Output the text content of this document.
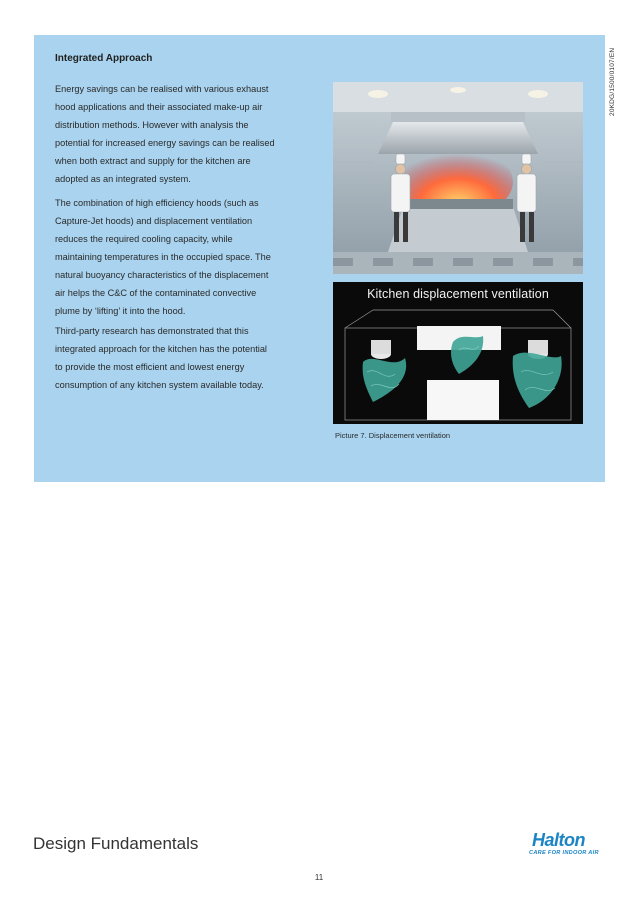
20KDG/1500/0107/EN
Integrated Approach

Energy savings can be realised with various exhaust

hood applications and their associated make-up air

distribution methods. However with analysis the

potential for increased energy savings can be realised

when both extract and supply for the kitchen are

adopted as an integrated system.

The combination of high efficiency hoods (such as

Capture-Jet hoods) and displacement ventilation

reduces the required cooling capacity, while

maintaining temperatures in the occupied space. The

natural buoyancy characteristics of the displacement

air helps the C&C of the contaminated convective

plume by ‘lifting’ it into the hood.

Third-party research has demonstrated that this

integrated approach for the kitchen has the potential

to provide the most efficient and lowest energy

consumption of any kitchen system available today.

Kitchen displacement ventilation
Picture 7. Displacement ventilation
Design Fundamentals
11
Halton
CARE FOR INDOOR AIR
